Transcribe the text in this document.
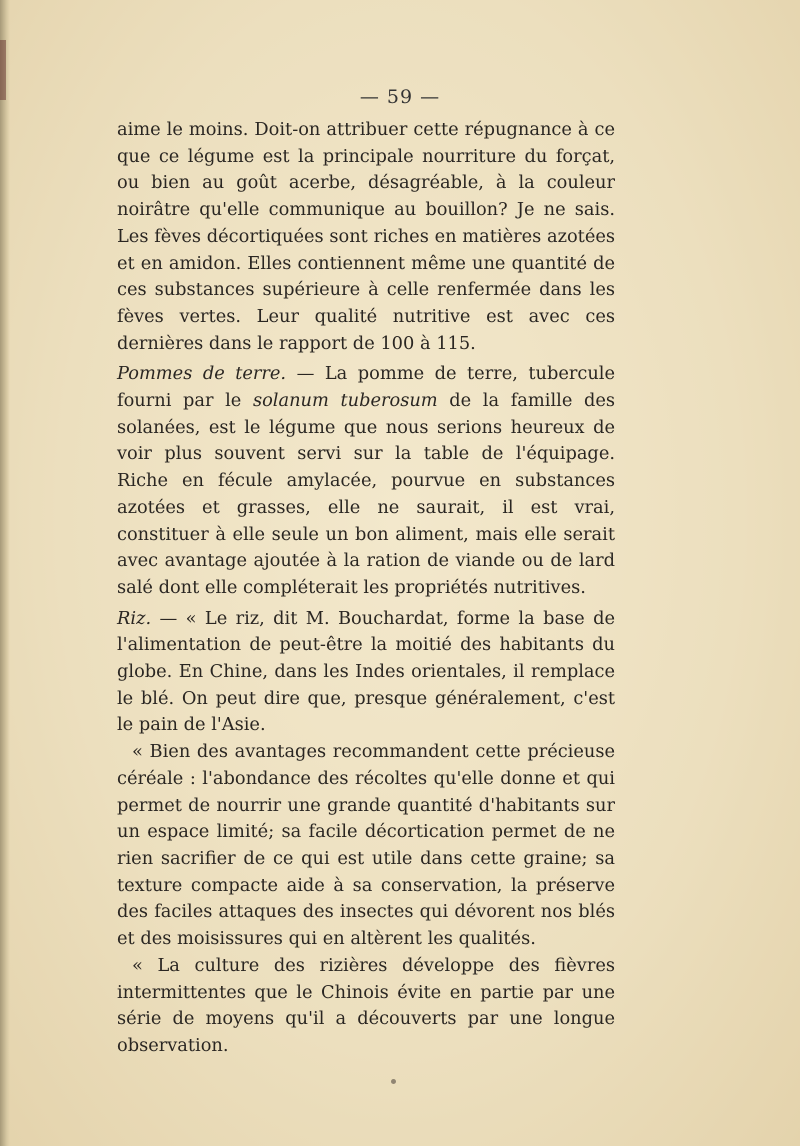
— 59 —

aime le moins. Doit-on attribuer cette répugnance à ce que ce légume est la principale nourriture du forçat, ou bien au goût acerbe, désagréable, à la couleur noirâtre qu'elle communique au bouillon? Je ne sais. Les fèves décortiquées sont riches en matières azotées et en amidon. Elles contiennent même une quantité de ces substances supérieure à celle renfermée dans les fèves vertes. Leur qualité nutritive est avec ces dernières dans le rapport de 100 à 115.

Pommes de terre. — La pomme de terre, tubercule fourni par le solanum tuberosum de la famille des solanées, est le légume que nous serions heureux de voir plus souvent servi sur la table de l'équipage. Riche en fécule amylacée, pourvue en substances azotées et grasses, elle ne saurait, il est vrai, constituer à elle seule un bon aliment, mais elle serait avec avantage ajoutée à la ration de viande ou de lard salé dont elle compléterait les propriétés nutritives.

Riz. — « Le riz, dit M. Bouchardat, forme la base de l'alimentation de peut-être la moitié des habitants du globe. En Chine, dans les Indes orientales, il remplace le blé. On peut dire que, presque généralement, c'est le pain de l'Asie.

« Bien des avantages recommandent cette précieuse céréale : l'abondance des récoltes qu'elle donne et qui permet de nourrir une grande quantité d'habitants sur un espace limité; sa facile décortication permet de ne rien sacrifier de ce qui est utile dans cette graine; sa texture compacte aide à sa conservation, la préserve des faciles attaques des insectes qui dévorent nos blés et des moisissures qui en altèrent les qualités.

« La culture des rizières développe des fièvres intermittentes que le Chinois évite en partie par une série de moyens qu'il a découverts par une longue observation.
